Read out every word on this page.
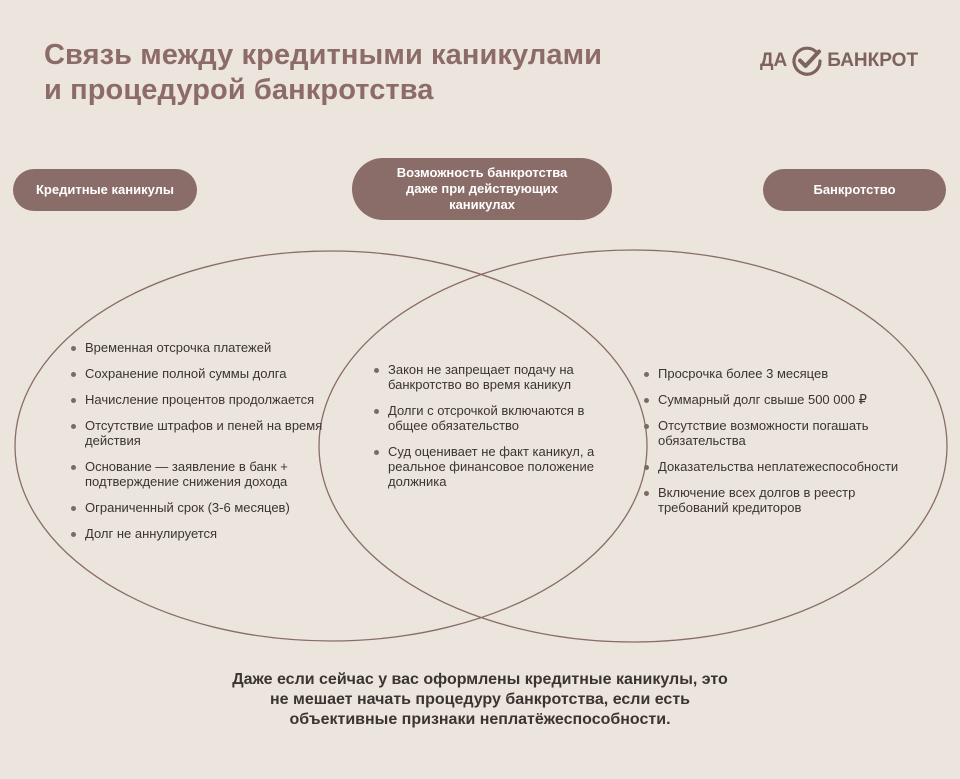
Связь между кредитными каникулами
и процедурой банкротства
ДА БАНКРОТ
Кредитные каникулы
Возможность банкротства даже при действующих каникулах
Банкротство
Временная отсрочка платежей
Сохранение полной суммы долга
Начисление процентов продолжается
Отсутствие штрафов и пеней на время действия
Основание — заявление в банк + подтверждение снижения дохода
Ограниченный срок (3-6 месяцев)
Долг не аннулируется
Закон не запрещает подачу на банкротство во время каникул
Долги с отсрочкой включаются в общее обязательство
Суд оценивает не факт каникул, а реальное финансовое положение должника
Просрочка более 3 месяцев
Суммарный долг свыше 500 000 ₽
Отсутствие возможности погашать обязательства
Доказательства неплатежеспособности
Включение всех долгов в реестр требований кредиторов
Даже если сейчас у вас оформлены кредитные каникулы, это
не мешает начать процедуру банкротства, если есть
объективные признаки неплатёжеспособности.
